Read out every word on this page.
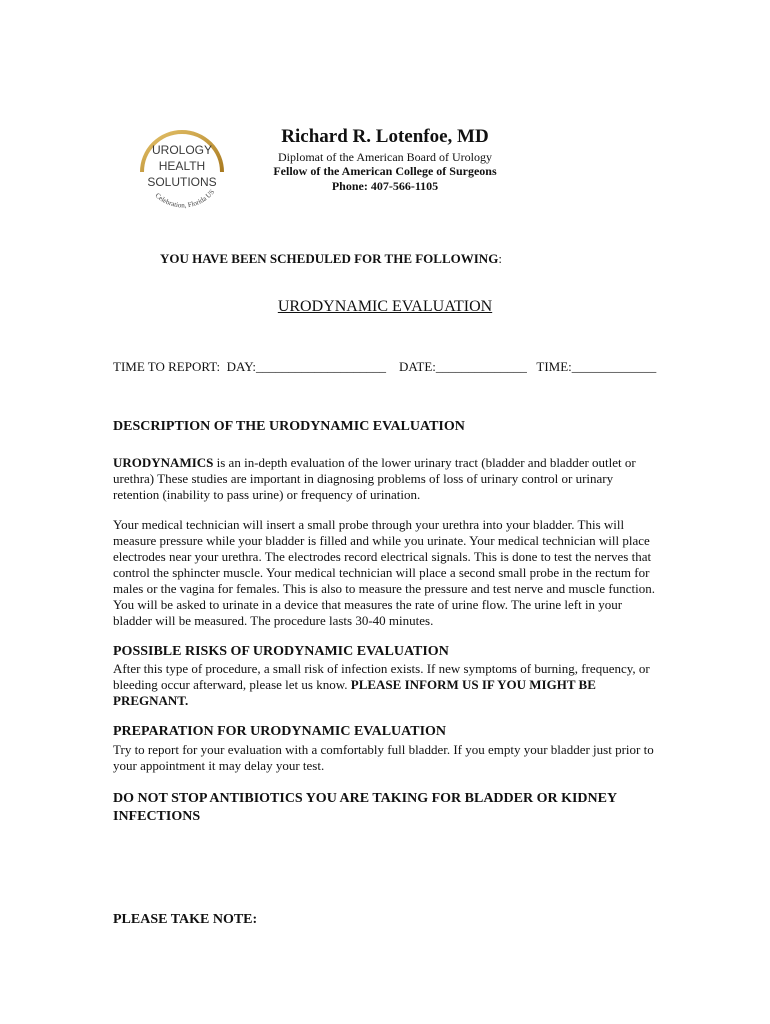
UROLOGY
HEALTH
SOLUTIONS
Celebration, Florida US
Richard R. Lotenfoe, MD
Diplomat of the American Board of Urology
Fellow of the American College of Surgeons
Phone: 407-566-1105
YOU HAVE BEEN SCHEDULED FOR THE FOLLOWING:
URODYNAMIC EVALUATION
TIME TO REPORT:  DAY:____________________    DATE:______________   TIME:_____________
DESCRIPTION OF THE URODYNAMIC EVALUATION
URODYNAMICS is an in-depth evaluation of the lower urinary tract (bladder and bladder outlet or urethra) These studies are important in diagnosing problems of loss of urinary control or urinary retention (inability to pass urine) or frequency of urination.
Your medical technician will insert a small probe through your urethra into your bladder. This will measure pressure while your bladder is filled and while you urinate. Your medical technician will place electrodes near your urethra. The electrodes record electrical signals. This is done to test the nerves that control the sphincter muscle. Your medical technician will place a second small probe in the rectum for males or the vagina for females. This is also to measure the pressure and test nerve and muscle function. You will be asked to urinate in a device that measures the rate of urine flow. The urine left in your bladder will be measured. The procedure lasts 30-40 minutes.
POSSIBLE RISKS OF URODYNAMIC EVALUATION
After this type of procedure, a small risk of infection exists. If new symptoms of burning, frequency, or bleeding occur afterward, please let us know. PLEASE INFORM US IF YOU MIGHT BE PREGNANT.
PREPARATION FOR URODYNAMIC EVALUATION
Try to report for your evaluation with a comfortably full bladder. If you empty your bladder just prior to your appointment it may delay your test.
DO NOT STOP ANTIBIOTICS YOU ARE TAKING FOR BLADDER OR KIDNEY INFECTIONS
PLEASE TAKE NOTE:
